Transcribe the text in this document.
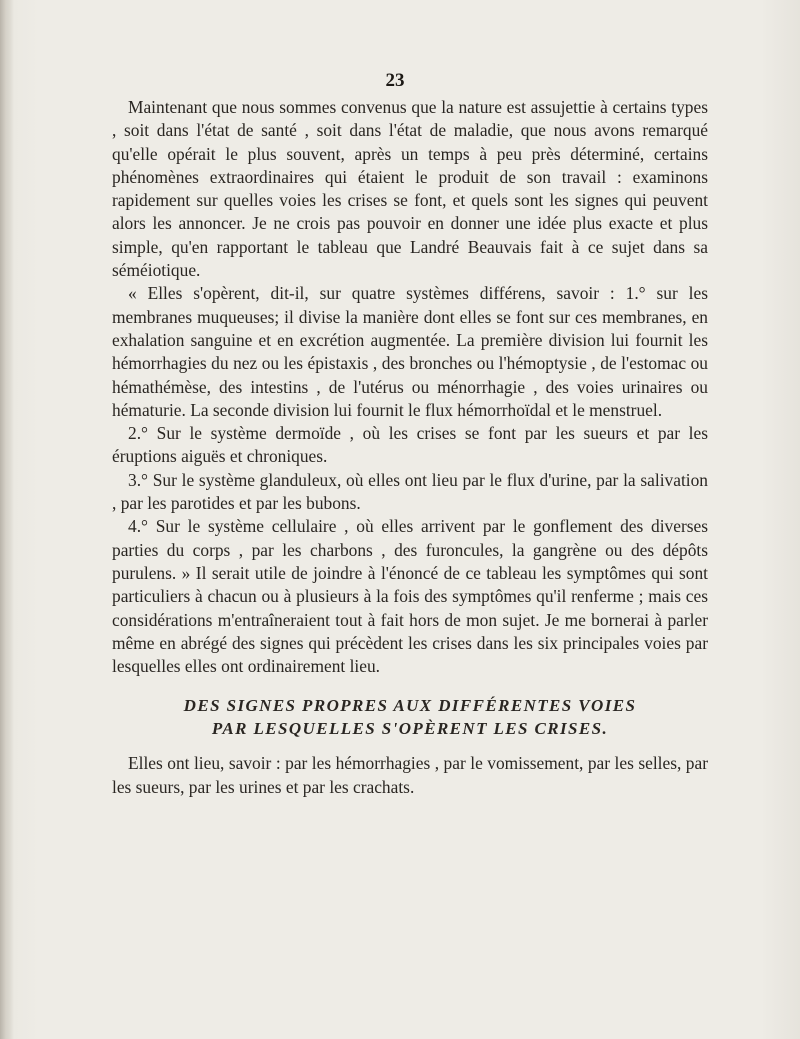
23

Maintenant que nous sommes convenus que la nature est assujettie à certains types , soit dans l'état de santé , soit dans l'état de maladie, que nous avons remarqué qu'elle opérait le plus souvent, après un temps à peu près déterminé, certains phénomènes extraordinaires qui étaient le produit de son travail : examinons rapidement sur quelles voies les crises se font, et quels sont les signes qui peuvent alors les annoncer. Je ne crois pas pouvoir en donner une idée plus exacte et plus simple, qu'en rapportant le tableau que Landré Beauvais fait à ce sujet dans sa séméiotique.

« Elles s'opèrent, dit-il, sur quatre systèmes différens, savoir : 1.° sur les membranes muqueuses; il divise la manière dont elles se font sur ces membranes, en exhalation sanguine et en excrétion augmentée. La première division lui fournit les hémorrhagies du nez ou les épistaxis , des bronches ou l'hémoptysie , de l'estomac ou hémathémèse, des intestins , de l'utérus ou ménorrhagie , des voies urinaires ou hématurie. La seconde division lui fournit le flux hémorrhoïdal et le menstruel.

2.° Sur le système dermoïde , où les crises se font par les sueurs et par les éruptions aiguës et chroniques.

3.° Sur le système glanduleux, où elles ont lieu par le flux d'urine, par la salivation , par les parotides et par les bubons.

4.° Sur le système cellulaire , où elles arrivent par le gonflement des diverses parties du corps , par les charbons , des furoncules, la gangrène ou des dépôts purulens. » Il serait utile de joindre à l'énoncé de ce tableau les symptômes qui sont particuliers à chacun ou à plusieurs à la fois des symptômes qu'il renferme ; mais ces considérations m'entraîneraient tout à fait hors de mon sujet. Je me bornerai à parler même en abrégé des signes qui précèdent les crises dans les six principales voies par lesquelles elles ont ordinairement lieu.

DES SIGNES PROPRES AUX DIFFÉRENTES VOIES
PAR LESQUELLES S'OPÈRENT LES CRISES.

Elles ont lieu, savoir : par les hémorrhagies , par le vomissement, par les selles, par les sueurs, par les urines et par les crachats.
